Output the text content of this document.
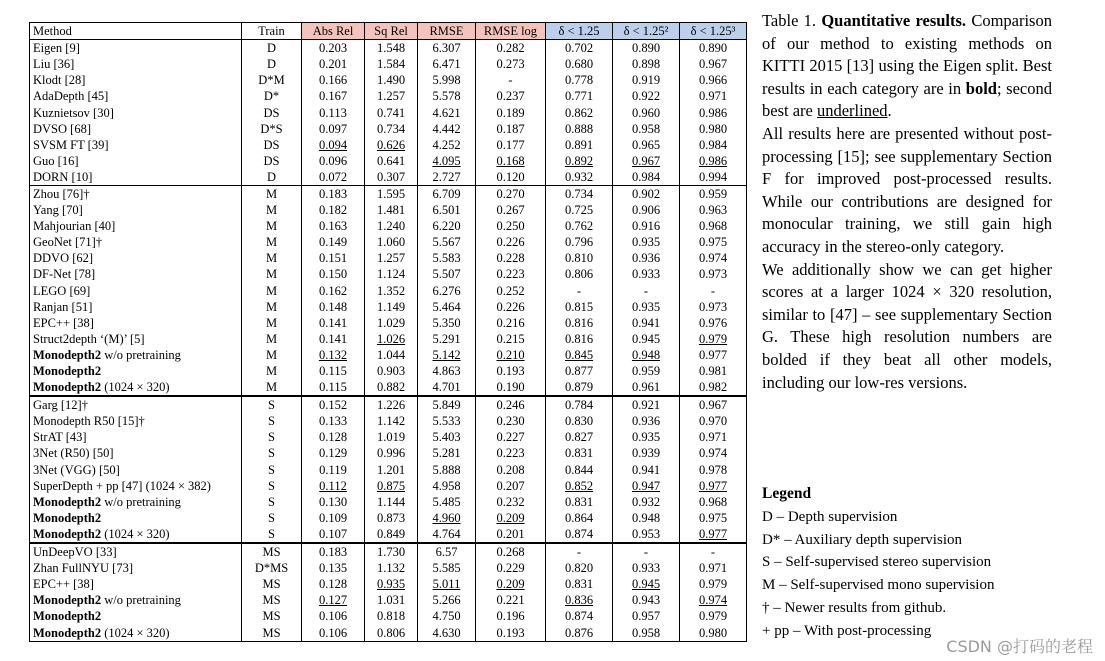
Method	Train	Abs Rel	Sq Rel	RMSE	RMSE log	δ < 1.25	δ < 1.25²	δ < 1.25³
Eigen [9]	D	0.203	1.548	6.307	0.282	0.702	0.890	0.890
Liu [36]	D	0.201	1.584	6.471	0.273	0.680	0.898	0.967
Klodt [28]	D*M	0.166	1.490	5.998	-	0.778	0.919	0.966
AdaDepth [45]	D*	0.167	1.257	5.578	0.237	0.771	0.922	0.971
Kuznietsov [30]	DS	0.113	0.741	4.621	0.189	0.862	0.960	0.986
DVSO [68]	D*S	0.097	0.734	4.442	0.187	0.888	0.958	0.980
SVSM FT [39]	DS	0.094	0.626	4.252	0.177	0.891	0.965	0.984
Guo [16]	DS	0.096	0.641	4.095	0.168	0.892	0.967	0.986
DORN [10]	D	0.072	0.307	2.727	0.120	0.932	0.984	0.994
Zhou [76]†	M	0.183	1.595	6.709	0.270	0.734	0.902	0.959
Yang [70]	M	0.182	1.481	6.501	0.267	0.725	0.906	0.963
Mahjourian [40]	M	0.163	1.240	6.220	0.250	0.762	0.916	0.968
GeoNet [71]†	M	0.149	1.060	5.567	0.226	0.796	0.935	0.975
DDVO [62]	M	0.151	1.257	5.583	0.228	0.810	0.936	0.974
DF-Net [78]	M	0.150	1.124	5.507	0.223	0.806	0.933	0.973
LEGO [69]	M	0.162	1.352	6.276	0.252	-	-	-
Ranjan [51]	M	0.148	1.149	5.464	0.226	0.815	0.935	0.973
EPC++ [38]	M	0.141	1.029	5.350	0.216	0.816	0.941	0.976
Struct2depth ‘(M)’ [5]	M	0.141	1.026	5.291	0.215	0.816	0.945	0.979
Monodepth2 w/o pretraining	M	0.132	1.044	5.142	0.210	0.845	0.948	0.977
Monodepth2	M	0.115	0.903	4.863	0.193	0.877	0.959	0.981
Monodepth2 (1024 × 320)	M	0.115	0.882	4.701	0.190	0.879	0.961	0.982
Garg [12]†	S	0.152	1.226	5.849	0.246	0.784	0.921	0.967
Monodepth R50 [15]†	S	0.133	1.142	5.533	0.230	0.830	0.936	0.970
StrAT [43]	S	0.128	1.019	5.403	0.227	0.827	0.935	0.971
3Net (R50) [50]	S	0.129	0.996	5.281	0.223	0.831	0.939	0.974
3Net (VGG) [50]	S	0.119	1.201	5.888	0.208	0.844	0.941	0.978
SuperDepth + pp [47] (1024 × 382)	S	0.112	0.875	4.958	0.207	0.852	0.947	0.977
Monodepth2 w/o pretraining	S	0.130	1.144	5.485	0.232	0.831	0.932	0.968
Monodepth2	S	0.109	0.873	4.960	0.209	0.864	0.948	0.975
Monodepth2 (1024 × 320)	S	0.107	0.849	4.764	0.201	0.874	0.953	0.977
UnDeepVO [33]	MS	0.183	1.730	6.57	0.268	-	-	-
Zhan FullNYU [73]	D*MS	0.135	1.132	5.585	0.229	0.820	0.933	0.971
EPC++ [38]	MS	0.128	0.935	5.011	0.209	0.831	0.945	0.979
Monodepth2 w/o pretraining	MS	0.127	1.031	5.266	0.221	0.836	0.943	0.974
Monodepth2	MS	0.106	0.818	4.750	0.196	0.874	0.957	0.979
Monodepth2 (1024 × 320)	MS	0.106	0.806	4.630	0.193	0.876	0.958	0.980

Table 1. Quantitative results. Comparison of our method to existing methods on KITTI 2015 [13] using the Eigen split. Best results in each category are in bold; second best are underlined.

All results here are presented without post-processing [15]; see supplementary Section F for improved post-processed results. While our contributions are designed for monocular training, we still gain high accuracy in the stereo-only category.

We additionally show we can get higher scores at a larger 1024 × 320 resolution, similar to [47] – see supplementary Section G. These high resolution numbers are bolded if they beat all other models, including our low-res versions.

Legend
D – Depth supervision
D* – Auxiliary depth supervision
S – Self-supervised stereo supervision
M – Self-supervised mono supervision
† – Newer results from github.
+ pp – With post-processing
CSDN @打码的老程
